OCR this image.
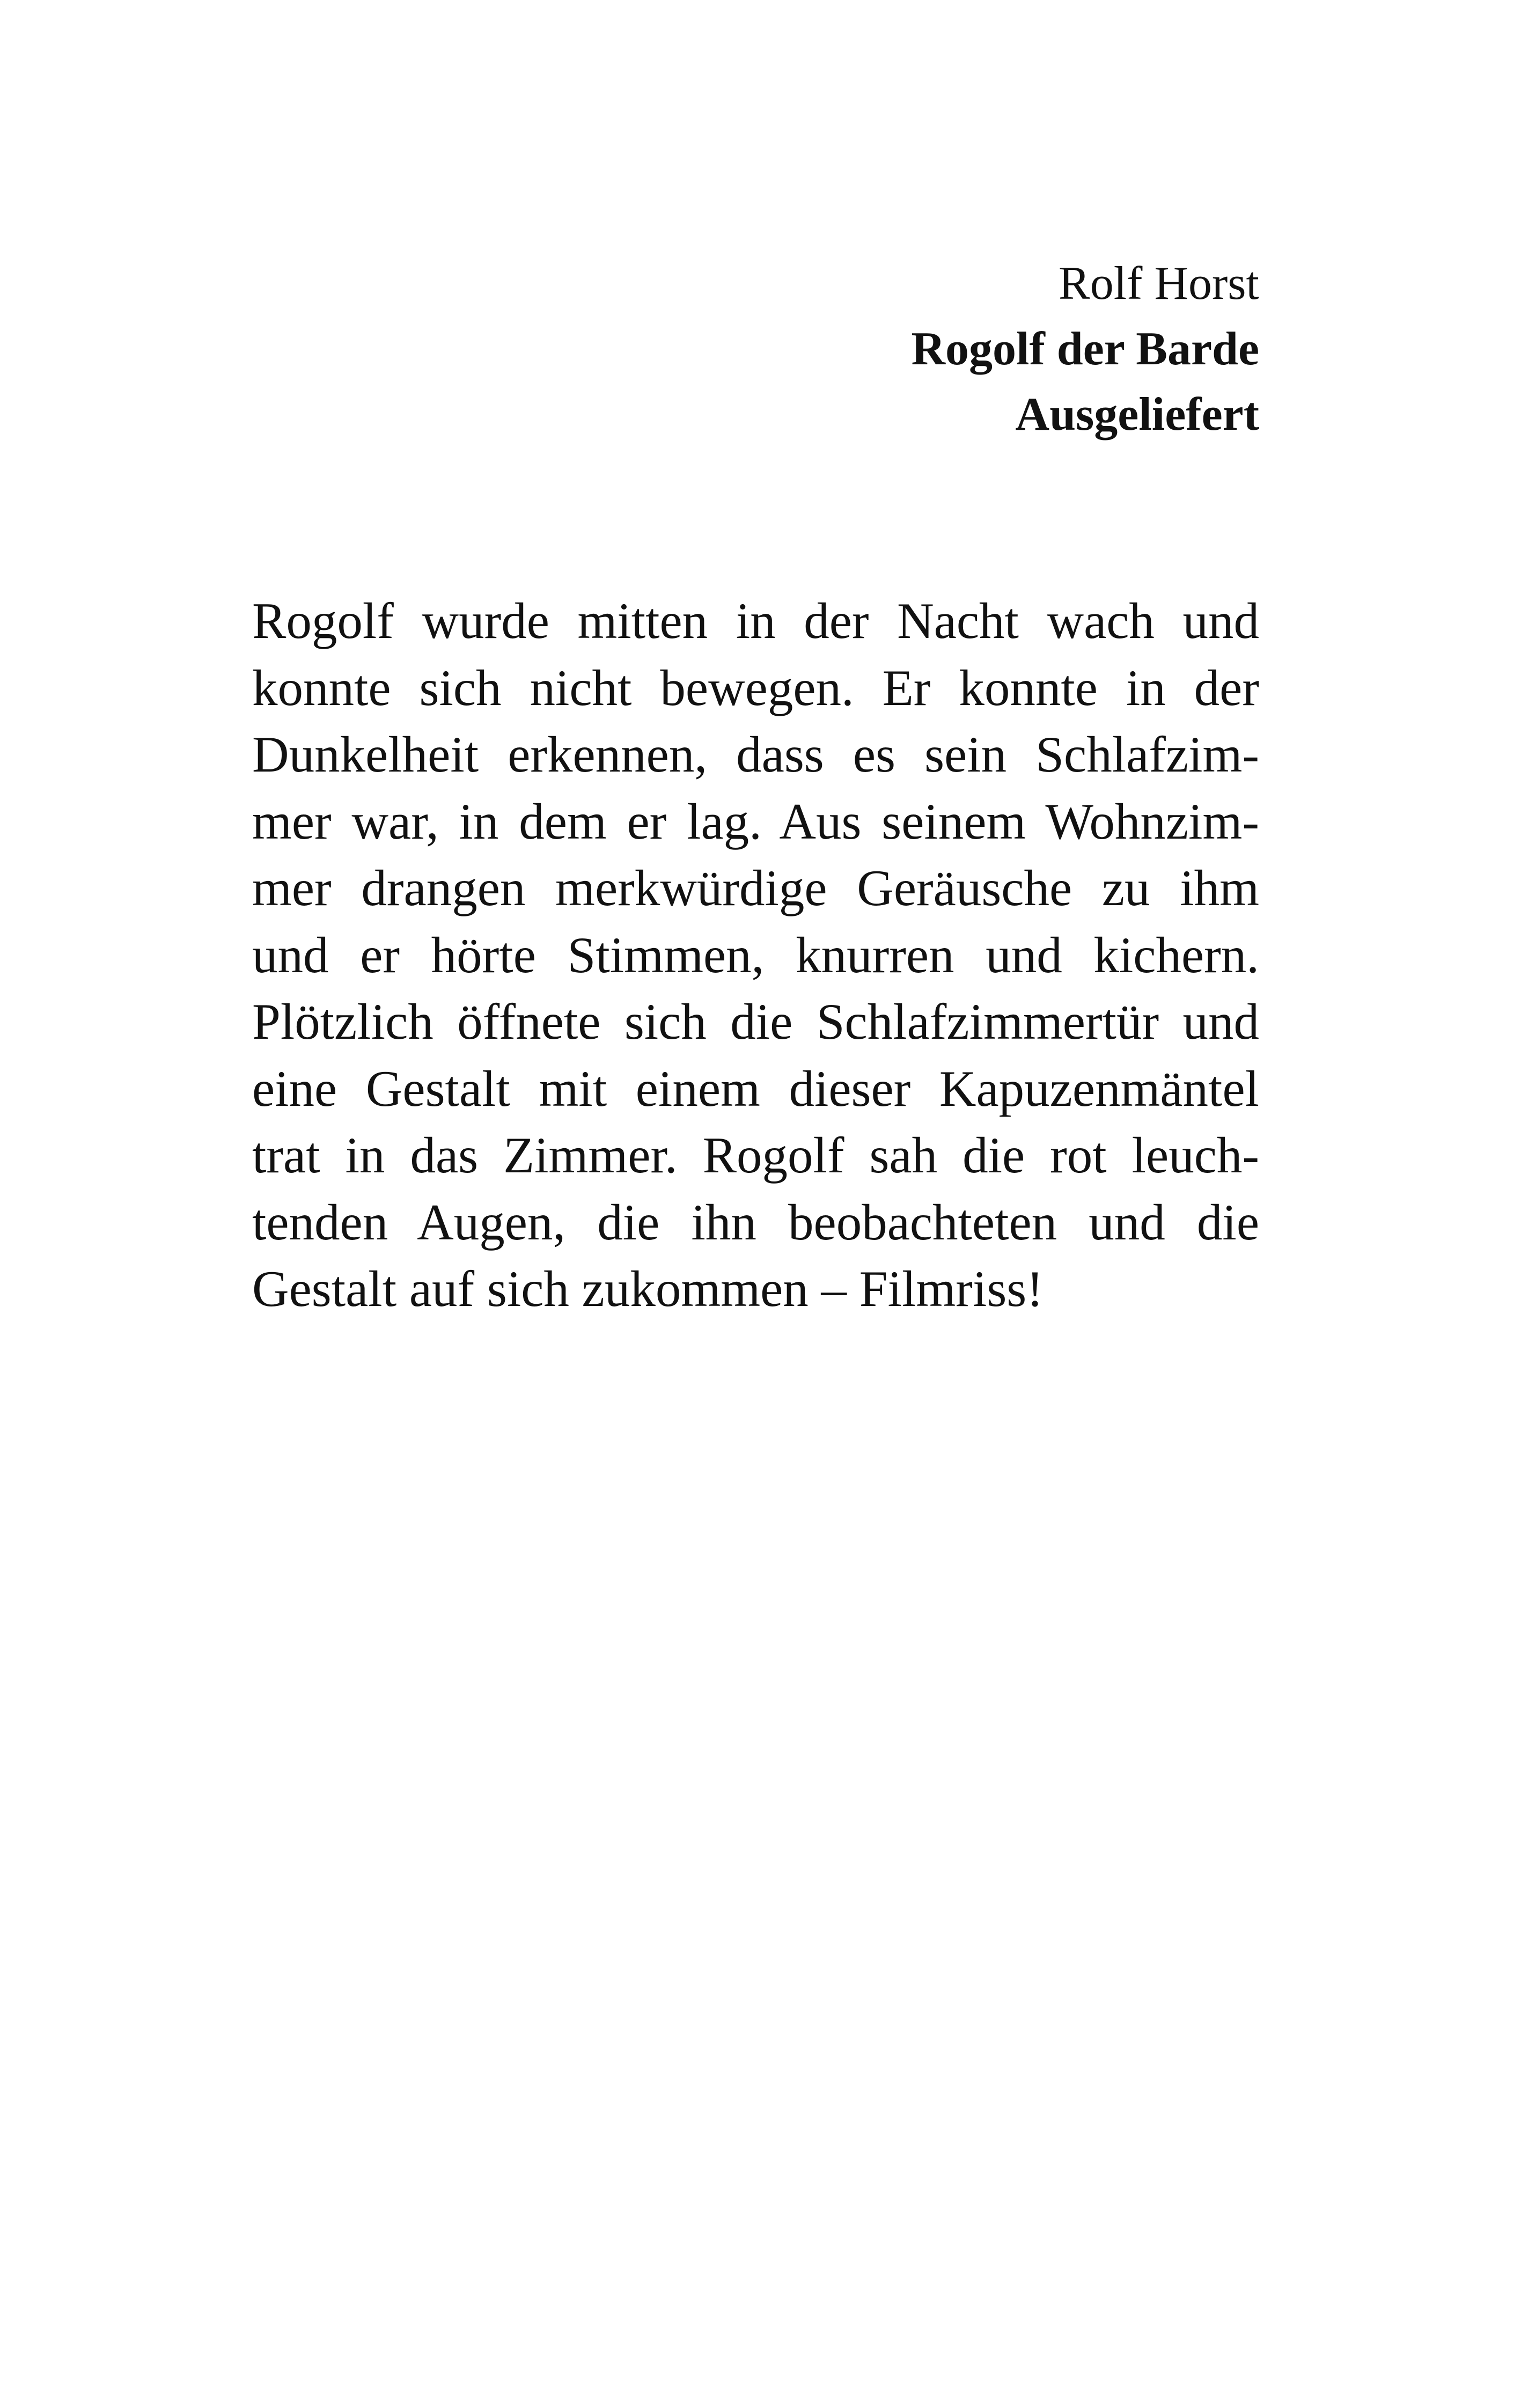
Rolf Horst
Rogolf der Barde
Ausgeliefert
Rogolf wurde mitten in der Nacht wach und
konnte sich nicht bewegen. Er konnte in der
Dunkelheit erkennen, dass es sein Schlafzim-
mer war, in dem er lag. Aus seinem Wohnzim-
mer drangen merkwürdige Geräusche zu ihm
und er hörte Stimmen, knurren und kichern.
Plötzlich öffnete sich die Schlafzimmertür und
eine Gestalt mit einem dieser Kapuzenmäntel
trat in das Zimmer. Rogolf sah die rot leuch-
tenden Augen, die ihn beobachteten und die
Gestalt auf sich zukommen – Filmriss!
